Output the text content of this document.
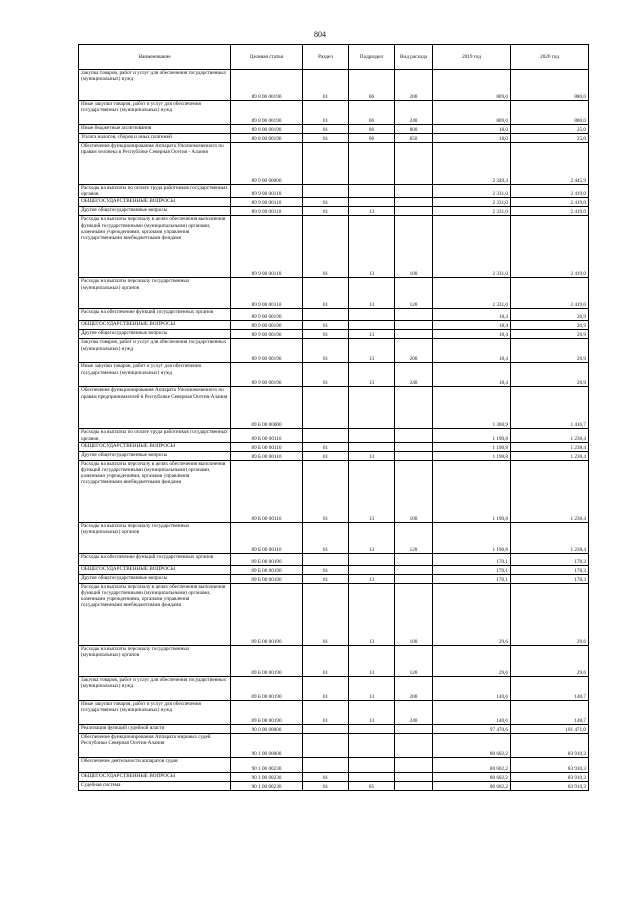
804
Наименование	Целевая статья	Раздел	Подраздел	Вид расхода	2019 год	2020 год
Закупка товаров, работ и услуг для обеспечения государственных (муниципальных) нужд	89 8 00 00190	01	06	200	809,0	880,0
Иные закупки товаров, работ и услуг для обеспечения государственных (муниципальных) нужд	89 8 00 00190	01	06	240	809,0	880,0
Иные бюджетные ассигнования	89 8 00 00190	01	06	800	18,0	25,0
Уплата налогов, сборов и иных платежей	89 8 00 00190	01	06	850	18,0	25,0
Обеспечение функционирования Аппарата Уполномоченного по правам человека в Республике Северная Осетия - Алания	89 9 00 00000				2 349,4	2 445,9
Расходы на выплаты по оплате труда работников государственных органов	89 9 00 00110				2 331,0	2 419,0
ОБЩЕГОСУДАРСТВЕННЫЕ ВОПРОСЫ	89 9 00 00110	01			2 331,0	2 419,0
Другие общегосударственные вопросы	89 9 00 00110	01	13		2 331,0	2 419,0
Расходы на выплаты персоналу в целях обеспечения выполнения функций государственными (муниципальными) органами, казенными учреждениями, органами управления государственными внебюджетными фондами	89 9 00 00110	01	13	100	2 331,0	2 419,0
Расходы на выплаты персоналу государственных (муниципальных) органов	89 9 00 00110	01	13	120	2 331,0	2 419,0
Расходы на обеспечение функций государственных органов	89 9 00 00190				18,4	26,9
ОБЩЕГОСУДАРСТВЕННЫЕ ВОПРОСЫ	89 9 00 00190	01			18,4	26,9
Другие общегосударственные вопросы	89 9 00 00190	01	13		18,4	26,9
Закупка товаров, работ и услуг для обеспечения государственных (муниципальных) нужд	89 9 00 00190	01	13	200	18,4	26,9
Иные закупки товаров, работ и услуг для обеспечения государственных (муниципальных) нужд	89 9 00 00190	01	13	240	18,4	26,9
Обеспечение функционирования Аппарата Уполномоченного по правам предпринимателей в Республике Северная Осетия-Алания	89 Б 00 00000				1 360,9	1 416,7
Расходы на выплаты по оплате труда работников государственных органов	89 Б 00 00110				1 190,8	1 238,4
ОБЩЕГОСУДАРСТВЕННЫЕ ВОПРОСЫ	89 Б 00 00110	01			1 190,8	1 238,4
Другие общегосударственные вопросы	89 Б 00 00110	01	13		1 190,8	1 238,4
Расходы на выплаты персоналу в целях обеспечения выполнения функций государственными (муниципальными) органами, казенными учреждениями, органами управления государственными внебюджетными фондами	89 Б 00 00110	01	13	100	1 190,8	1 238,4
Расходы на выплаты персоналу государственных (муниципальных) органов	89 Б 00 00110	01	13	120	1 190,8	1 238,4
Расходы на обеспечение функций государственных органов	89 Б 00 00190				170,1	178,3
ОБЩЕГОСУДАРСТВЕННЫЕ ВОПРОСЫ	89 Б 00 00190	01			170,1	178,3
Другие общегосударственные вопросы	89 Б 00 00190	01	13		170,1	178,3
Расходы на выплаты персоналу в целях обеспечения выполнения функций государственными (муниципальными) органами, казенными учреждениями, органами управления государственными внебюджетными фондами	89 Б 00 00190	01	13	100	29,6	29,6
Расходы на выплаты персоналу государственных (муниципальных) органов	89 Б 00 00190	01	13	120	29,6	29,6
Закупка товаров, работ и услуг для обеспечения государственных (муниципальных) нужд	89 Б 00 00190	01	13	200	140,6	148,7
Иные закупки товаров, работ и услуг для обеспечения государственных (муниципальных) нужд	89 Б 00 00190	01	13	240	140,6	148,7
Реализация функций судебной власти	90 0 00 00000				97 470,6	101 471,0
Обеспечение функционирования Аппарата мировых судей Республики Северная Осетия-Алания	90 1 00 00000				80 602,2	83 910,3
Обеспечение деятельности аппаратов судов	90 1 00 00230				80 602,2	83 910,3
ОБЩЕГОСУДАРСТВЕННЫЕ ВОПРОСЫ	90 1 00 00230	01			80 602,2	83 910,3
Судебная система	90 1 00 00230	01	05		80 602,2	83 910,3
